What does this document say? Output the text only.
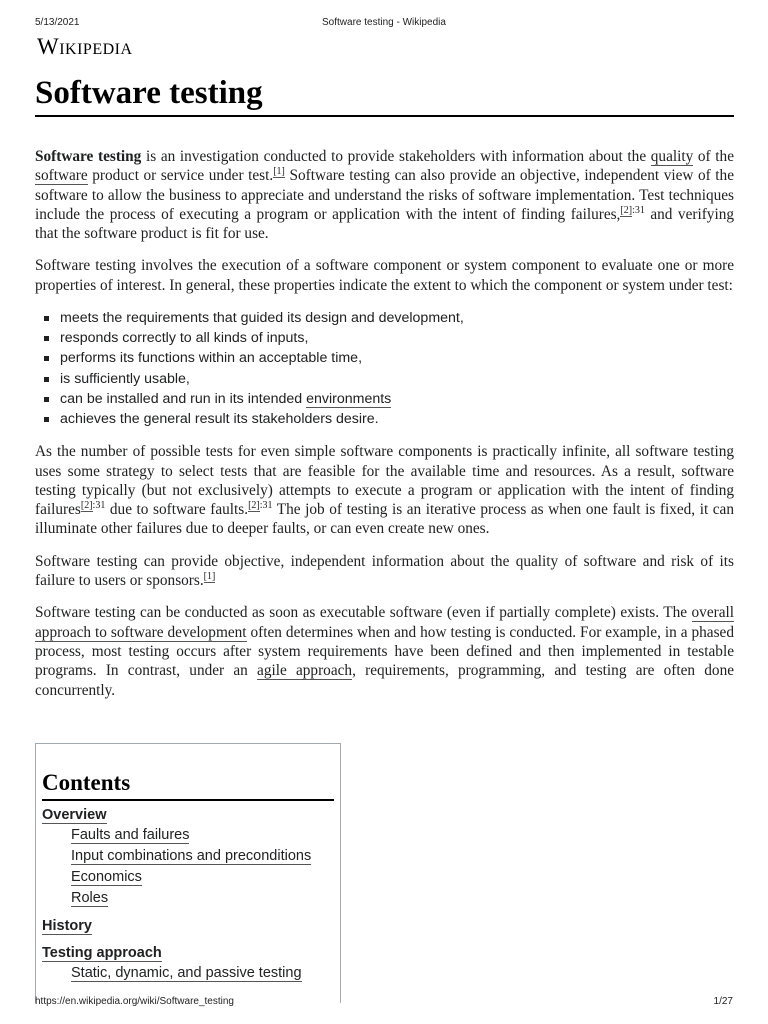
5/13/2021	Software testing - Wikipedia
Wikipedia
Software testing

Software testing is an investigation conducted to provide stakeholders with information about the quality of the software product or service under test.[1] Software testing can also provide an objective, independent view of the software to allow the business to appreciate and understand the risks of software implementation. Test techniques include the process of executing a program or application with the intent of finding failures,$^{[2]:31}$ and verifying that the software product is fit for use.

Software testing involves the execution of a software component or system component to evaluate one or more properties of interest. In general, these properties indicate the extent to which the component or system under test:

meets the requirements that guided its design and development,
responds correctly to all kinds of inputs,
performs its functions within an acceptable time,
is sufficiently usable,
can be installed and run in its intended environments
achieves the general result its stakeholders desire.

As the number of possible tests for even simple software components is practically infinite, all software testing uses some strategy to select tests that are feasible for the available time and resources. As a result, software testing typically (but not exclusively) attempts to execute a program or application with the intent of finding failures$^{[2]:31}$ due to software faults.$^{[2]:31}$ The job of testing is an iterative process as when one fault is fixed, it can illuminate other failures due to deeper faults, or can even create new ones.

Software testing can provide objective, independent information about the quality of software and risk of its failure to users or sponsors.[1]

Software testing can be conducted as soon as executable software (even if partially complete) exists. The overall approach to software development often determines when and how testing is conducted. For example, in a phased process, most testing occurs after system requirements have been defined and then implemented in testable programs. In contrast, under an agile approach, requirements, programming, and testing are often done concurrently.

Contents
Overview
Faults and failures
Input combinations and preconditions
Economics
Roles
History
Testing approach
Static, dynamic, and passive testing
https://en.wikipedia.org/wiki/Software_testing	1/27
